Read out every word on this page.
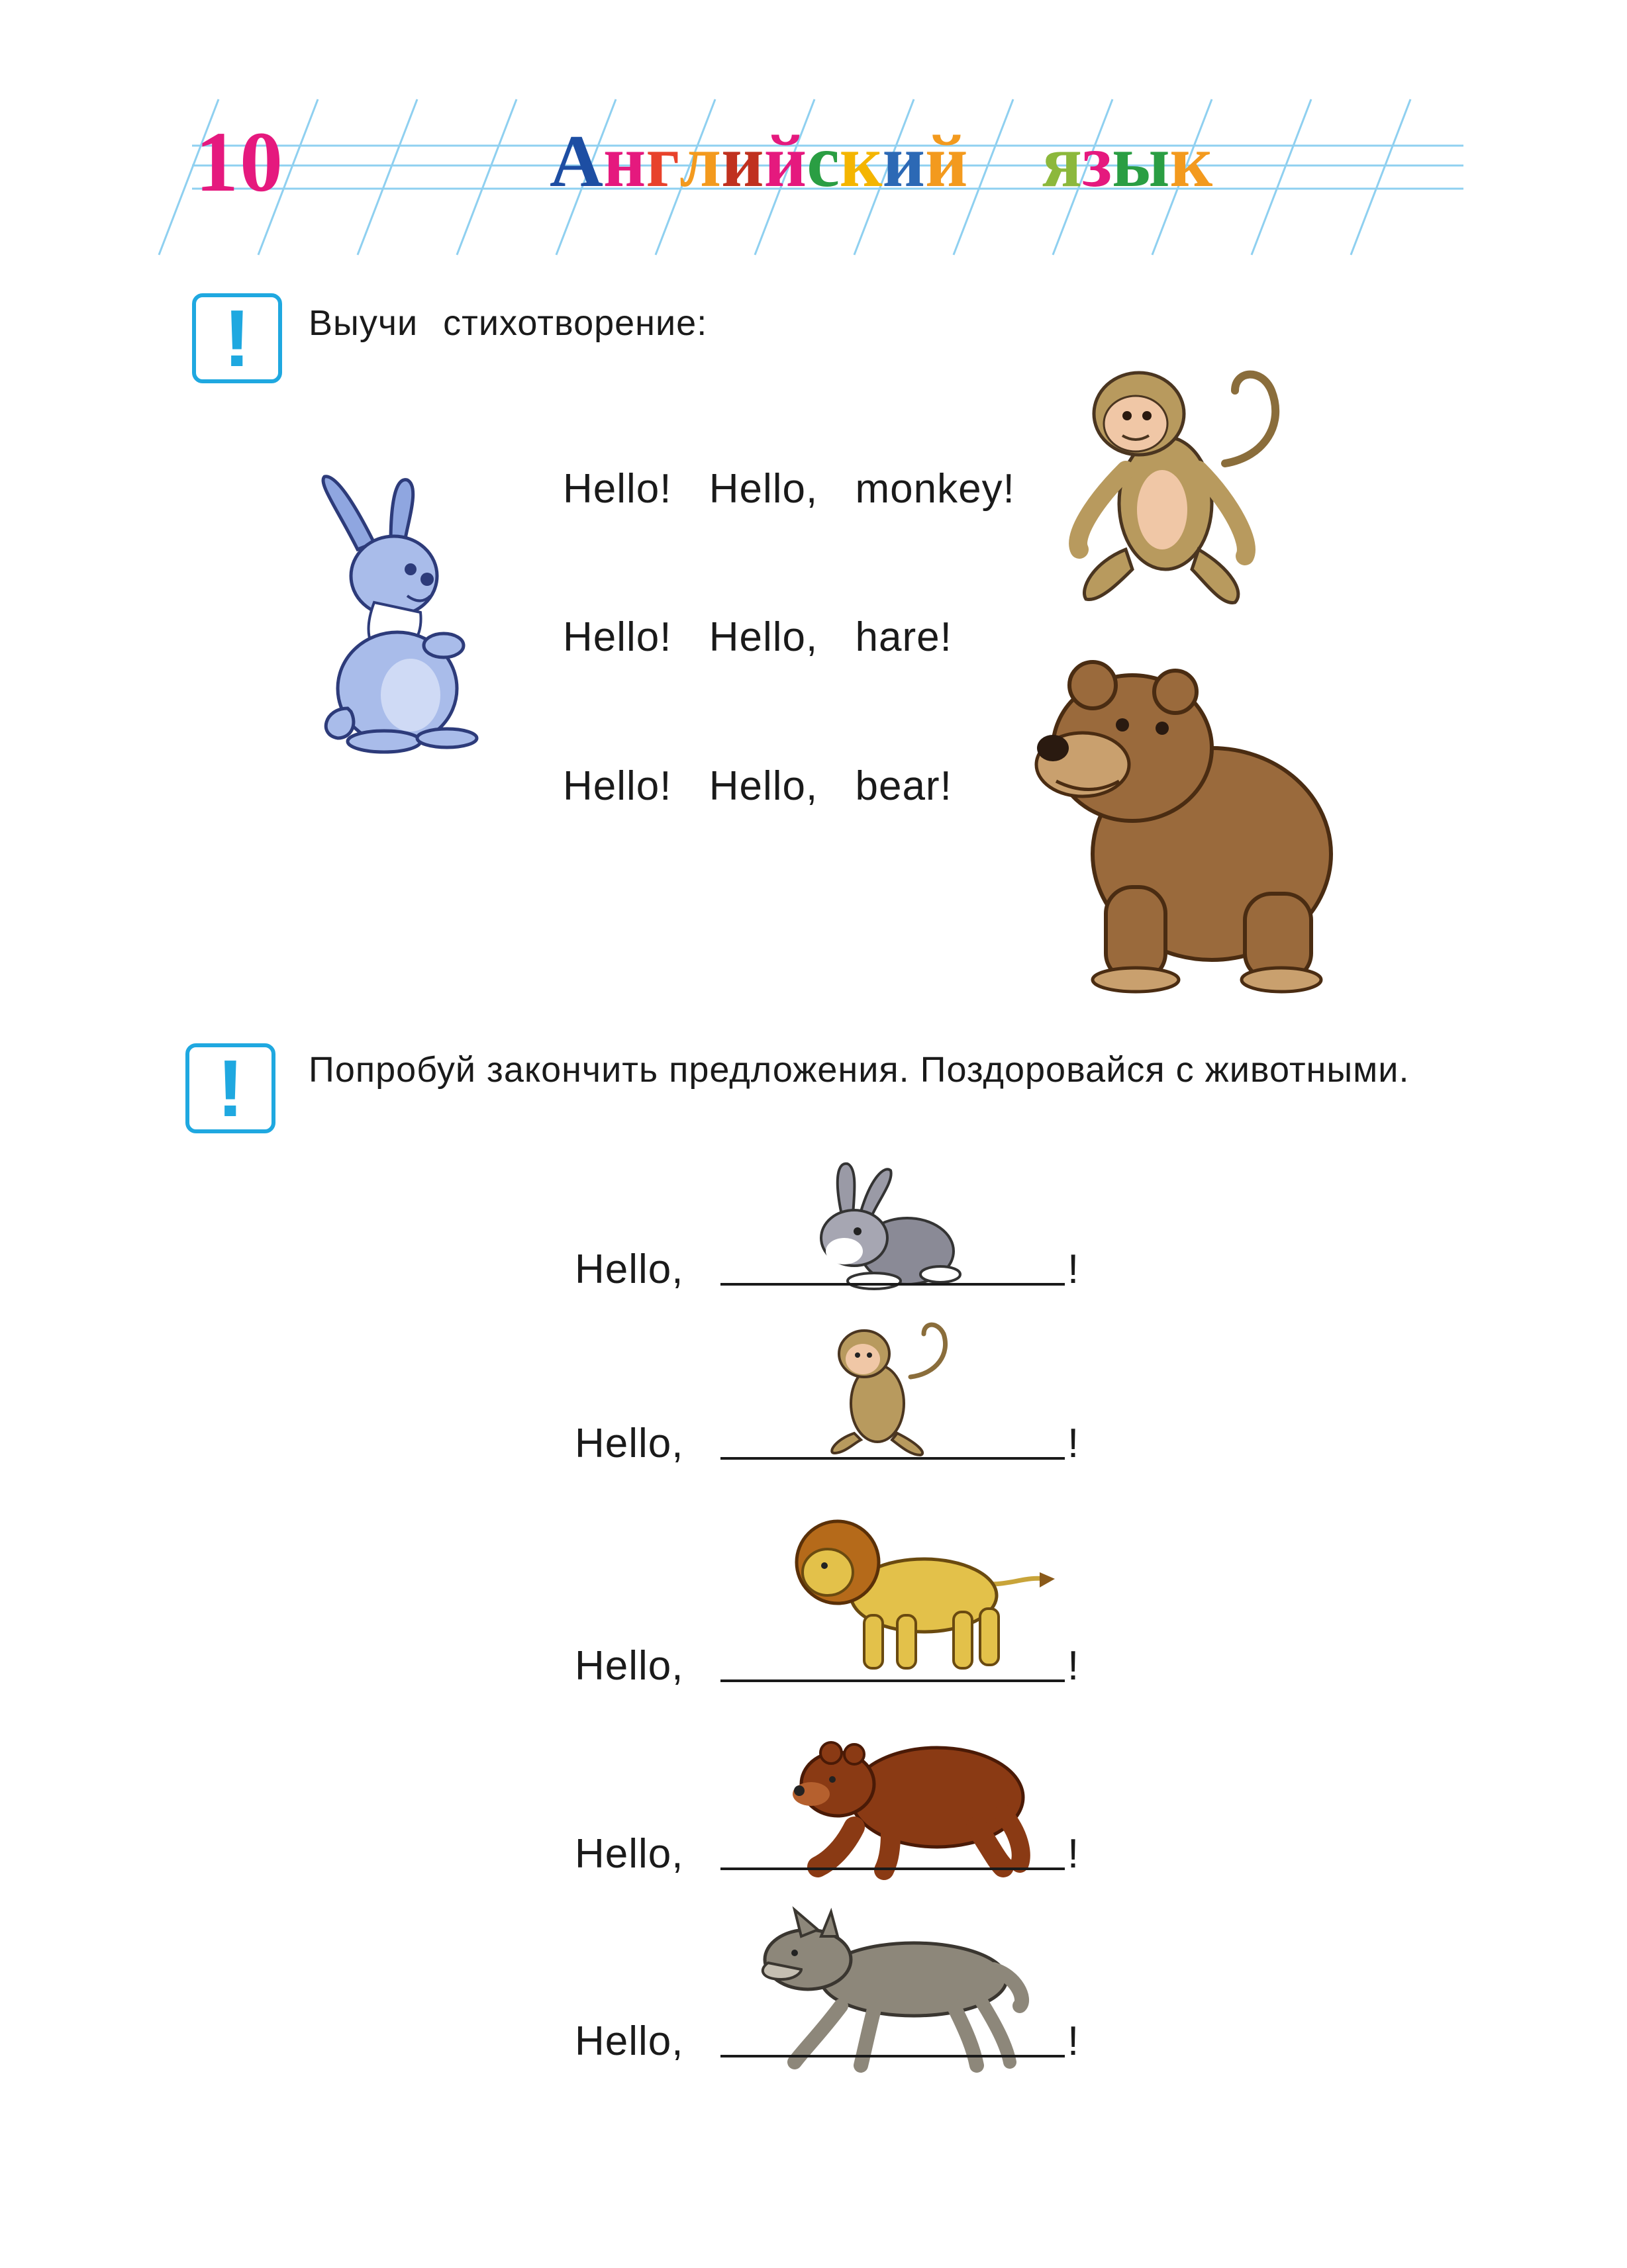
10	Английский язык
!	Выучи стихотворение:
Hello! Hello, monkey!
Hello! Hello, hare!
Hello! Hello, bear!
!	Попробуй закончить предложения. Поздоровайся с животными.
Hello,	!
Hello,	!
Hello,	!
Hello,	!
Hello,	!
